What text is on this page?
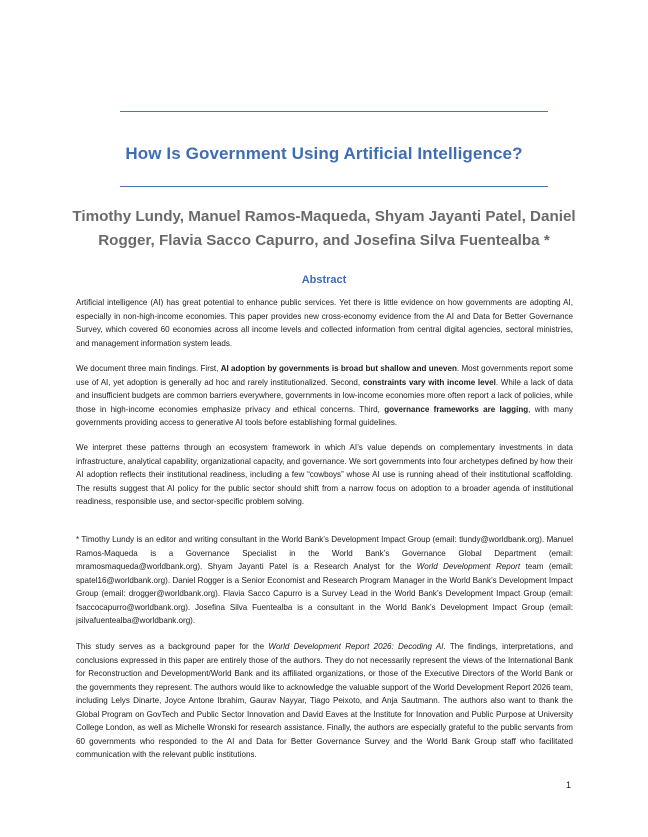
How Is Government Using Artificial Intelligence?
Timothy Lundy, Manuel Ramos-Maqueda, Shyam Jayanti Patel, Daniel Rogger, Flavia Sacco Capurro, and Josefina Silva Fuentealba *
Abstract

Artificial intelligence (AI) has great potential to enhance public services. Yet there is little evidence on how governments are adopting AI, especially in non-high-income economies. This paper provides new cross-economy evidence from the AI and Data for Better Governance Survey, which covered 60 economies across all income levels and collected information from central digital agencies, sectoral ministries, and management information system leads.

We document three main findings. First, AI adoption by governments is broad but shallow and uneven. Most governments report some use of AI, yet adoption is generally ad hoc and rarely institutionalized. Second, constraints vary with income level. While a lack of data and insufficient budgets are common barriers everywhere, governments in low-income economies more often report a lack of policies, while those in high-income economies emphasize privacy and ethical concerns. Third, governance frameworks are lagging, with many governments providing access to generative AI tools before establishing formal guidelines.

We interpret these patterns through an ecosystem framework in which AI’s value depends on complementary investments in data infrastructure, analytical capability, organizational capacity, and governance. We sort governments into four archetypes defined by how their AI adoption reflects their institutional readiness, including a few “cowboys” whose AI use is running ahead of their institutional scaffolding. The results suggest that AI policy for the public sector should shift from a narrow focus on adoption to a broader agenda of institutional readiness, responsible use, and sector-specific problem solving.

* Timothy Lundy is an editor and writing consultant in the World Bank’s Development Impact Group (email: tlundy@worldbank.org). Manuel Ramos-Maqueda is a Governance Specialist in the World Bank’s Governance Global Department (email: mramosmaqueda@worldbank.org). Shyam Jayanti Patel is a Research Analyst for the World Development Report team (email: spatel16@worldbank.org). Daniel Rogger is a Senior Economist and Research Program Manager in the World Bank’s Development Impact Group (email: drogger@worldbank.org). Flavia Sacco Capurro is a Survey Lead in the World Bank’s Development Impact Group (email: fsaccocapurro@worldbank.org). Josefina Silva Fuentealba is a consultant in the World Bank’s Development Impact Group (email: jsilvafuentealba@worldbank.org).

This study serves as a background paper for the World Development Report 2026: Decoding AI. The findings, interpretations, and conclusions expressed in this paper are entirely those of the authors. They do not necessarily represent the views of the International Bank for Reconstruction and Development/World Bank and its affiliated organizations, or those of the Executive Directors of the World Bank or the governments they represent. The authors would like to acknowledge the valuable support of the World Development Report 2026 team, including Lelys Dinarte, Joyce Antone Ibrahim, Gaurav Nayyar, Tiago Peixoto, and Anja Sautmann. The authors also want to thank the Global Program on GovTech and Public Sector Innovation and David Eaves at the Institute for Innovation and Public Purpose at University College London, as well as Michelle Wronski for research assistance. Finally, the authors are especially grateful to the public servants from 60 governments who responded to the AI and Data for Better Governance Survey and the World Bank Group staff who facilitated communication with the relevant public institutions.

1
